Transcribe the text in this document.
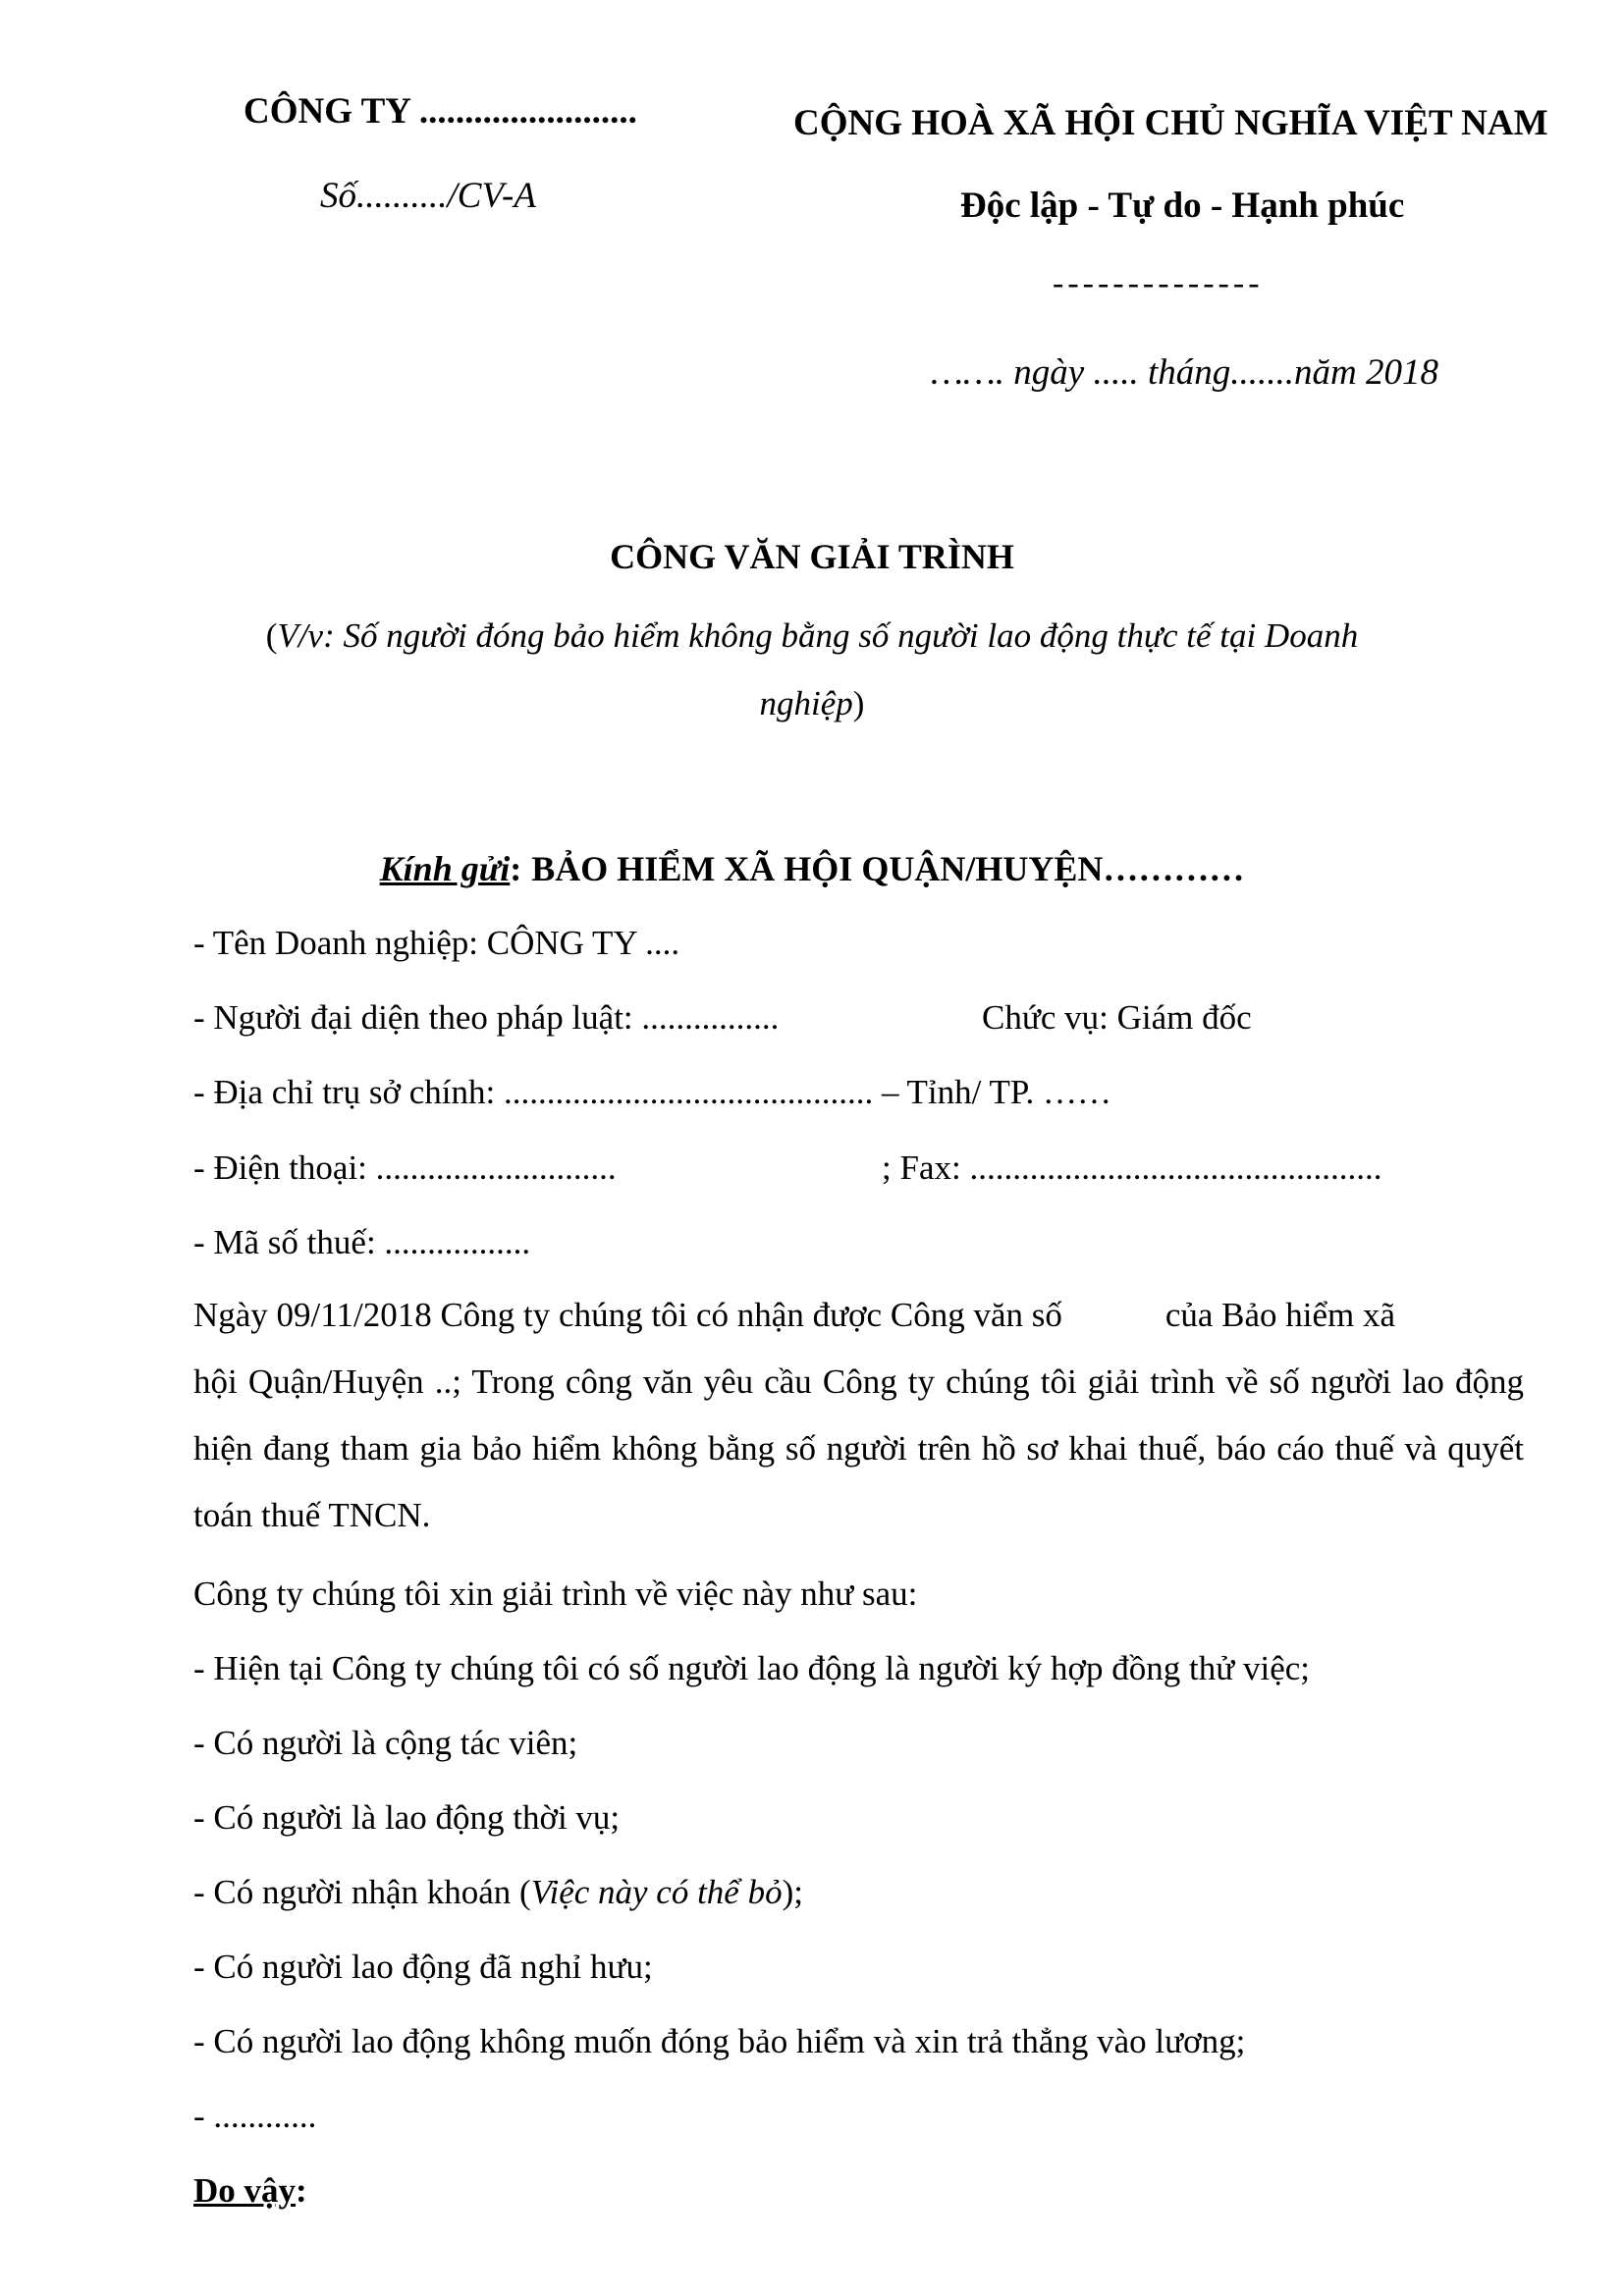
CÔNG TY ........................
Số........../CV-A
CỘNG HOÀ XÃ HỘI CHỦ NGHĨA VIỆT NAM
Độc lập - Tự do - Hạnh phúc
--------------
……. ngày ..... tháng.......năm 2018
CÔNG VĂN GIẢI TRÌNH
(V/v: Số người đóng bảo hiểm không bằng số người lao động thực tế tại Doanh
nghiệp)
Kính gửi: BẢO HIỂM XÃ HỘI QUẬN/HUYỆN…………
- Tên Doanh nghiệp: CÔNG TY ....
- Người đại diện theo pháp luật: ................	Chức vụ: Giám đốc
- Địa chỉ trụ sở chính: ........................................... – Tỉnh/ TP. ……
- Điện thoại: ............................	; Fax: ................................................
- Mã số thuế: .................
Ngày 09/11/2018 Công ty chúng tôi có nhận được Công văn số            của Bảo hiểm xã
hội Quận/Huyện ..; Trong công văn yêu cầu Công ty chúng tôi giải trình về số người lao động hiện đang tham gia bảo hiểm không bằng số người trên hồ sơ khai thuế, báo cáo thuế và quyết toán thuế TNCN.
Công ty chúng tôi xin giải trình về việc này như sau:
- Hiện tại Công ty chúng tôi có số người lao động là người ký hợp đồng thử việc;
- Có người là cộng tác viên;
- Có người là lao động thời vụ;
- Có người nhận khoán (Việc này có thể bỏ);
- Có người lao động đã nghỉ hưu;
- Có người lao động không muốn đóng bảo hiểm và xin trả thẳng vào lương;
- ............
Do vậy:
